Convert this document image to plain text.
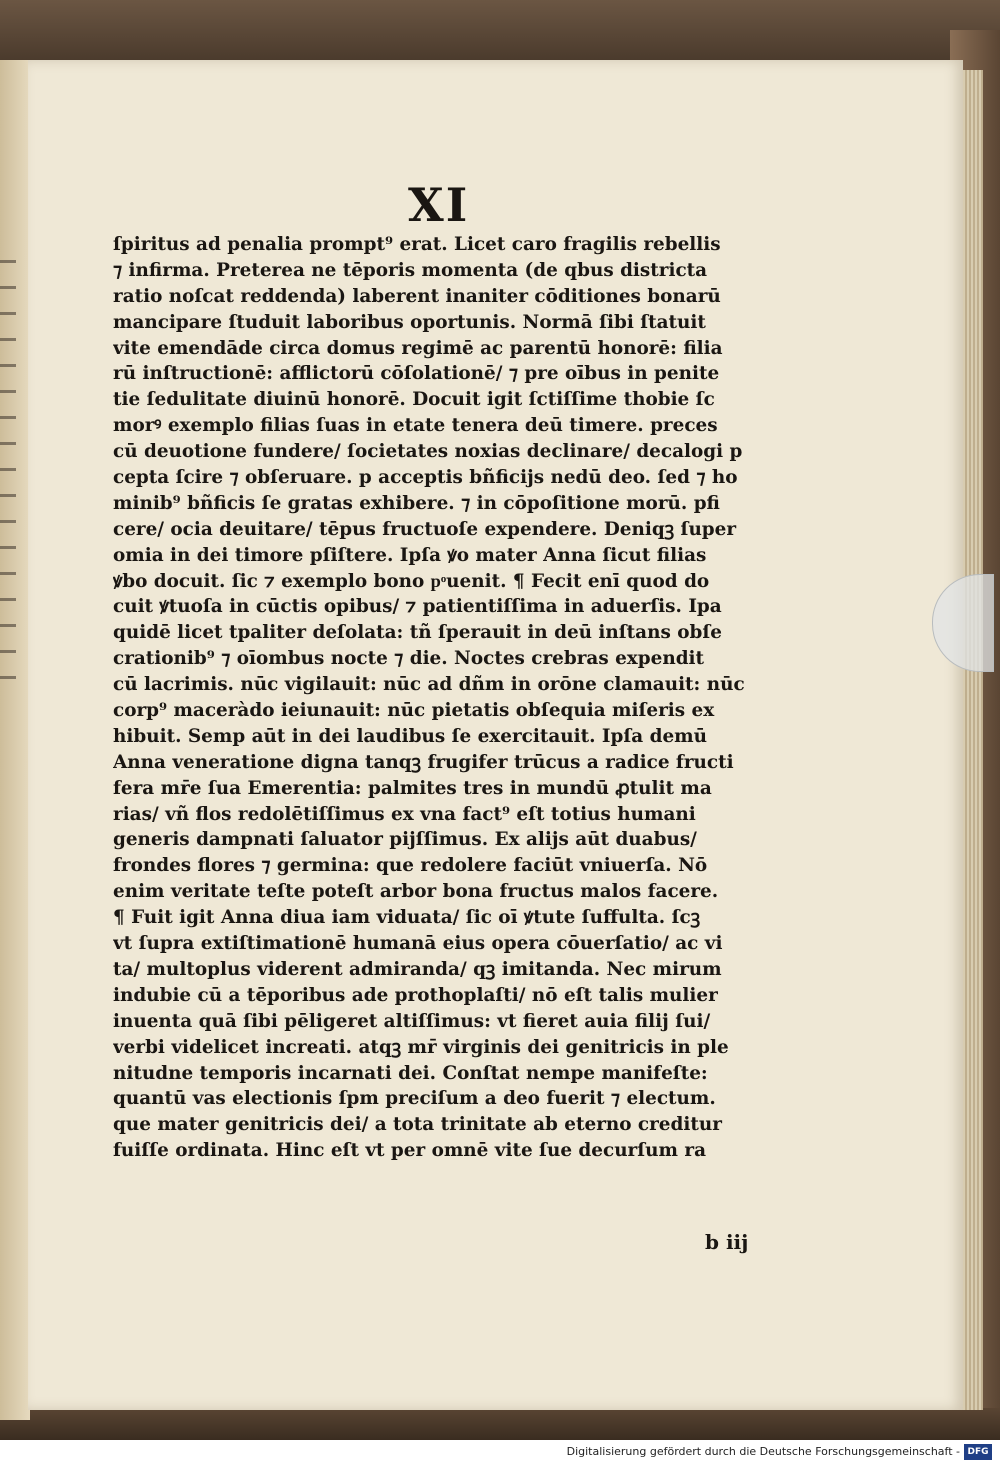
XI
ſpiritus ad penalia prompt⁹ erat. Licet caro fragilis rebellis
⁊ infirma. Preterea ne tēporis momenta (de qbus districta
ratio noſcat reddenda) laberent inaniter cōditiones bonarū
mancipare ſtuduit laboribus oportunis. Normā ſibi ſtatuit
vite emendāde circa domus regimē ac parentū honorē: filia
rū inſtructionē: afflictorū cōſolationē/ ⁊ pre oībus in penite
tie ſedulitate diuinū honorē. Docuit igit ſctiſſime thobie ſc
morꝰ exemplo filias ſuas in etate tenera deū timere. preces
cū deuotione fundere/ ſocietates noxias declinare/ decalogi p
cepta ſcire ⁊ obſeruare. p acceptis bñficijs nedū deo. ſed ⁊ ho
minib⁹ bñficis ſe gratas exhibere. ⁊ in cōpoſitione morū. pfi
cere/ ocia deuitare/ tēpus fructuoſe expendere. Deniqꝫ ſuper
omia in dei timore pſiſtere. Ipſa ꝟo mater Anna ſicut filias
ꝟbo docuit. ſic ⁊ exemplo bono pͦuenit. ¶ Fecit enī quod do
cuit ꝟtuoſa in cūctis opibus/ ⁊ patientiſſima in aduerſis. Ipa
quidē licet tpaliter deſolata: tñ ſperauit in deū inſtans obſe
crationib⁹ ⁊ oīombus nocte ⁊ die. Noctes crebras expendit
cū lacrimis. nūc vigilauit: nūc ad dñm in orōne clamauit: nūc
corp⁹ maceràdo ieiunauit: nūc pietatis obſequia miſeris ex
hibuit. Semp aūt in dei laudibus ſe exercitauit. Ipſa demū
Anna veneratione digna tanqꝫ frugifer trūcus a radice fructi
fera mr̄e ſua Emerentia: palmites tres in mundū ꝓtulit ma
rias/ vñ flos redolētiſſimus ex vna fact⁹ eſt totius humani
generis dampnati ſaluator pijſſimus. Ex alijs aūt duabus/
frondes flores ⁊ germina: que redolere faciūt vniuerſa. Nō
enim veritate teſte poteſt arbor bona fructus malos facere.
¶ Fuit igit Anna diua iam viduata/ ſic oī ꝟtute ſuffulta. ſcꝫ
vt ſupra extiſtimationē humanā eius opera cōuerſatio/ ac vi
ta/ multoplus viderent admiranda/ qꝫ imitanda. Nec mirum
indubie cū a tēporibus ade prothoplaſti/ nō eſt talis mulier
inuenta quā ſibi pēligeret altiſſimus: vt fieret auia filij ſui/
verbi videlicet increati. atqꝫ mr̄ virginis dei genitricis in ple
nitudne temporis incarnati dei. Conſtat nempe manifeſte:
quantū vas electionis ſpm preciſum a deo fuerit ⁊ electum.
que mater genitricis dei/ a tota trinitate ab eterno creditur
fuiſſe ordinata. Hinc eſt vt per omnē vite ſue decurſum ra
b iij
Digitalisierung gefördert durch die Deutsche Forschungsgemeinschaft - DFG
